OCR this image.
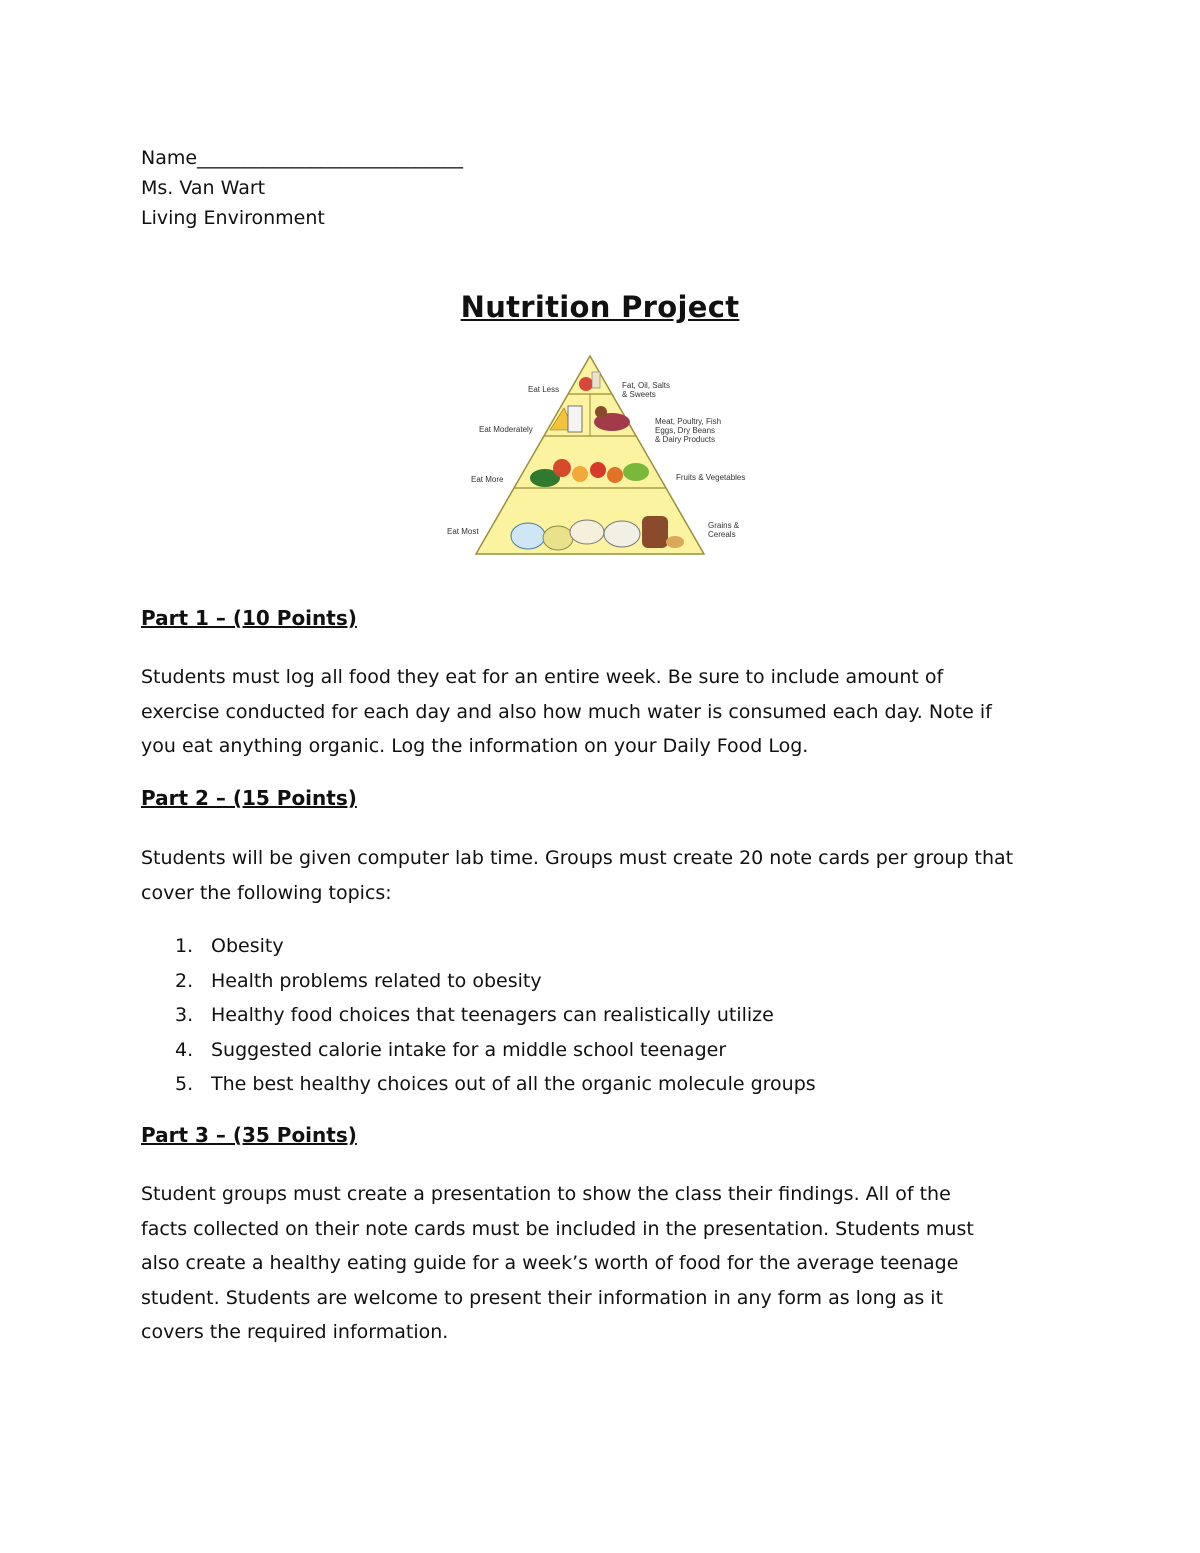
Name____________________________
Ms. Van Wart
Living Environment
Nutrition Project
Eat Less
Eat Moderately
Eat More
Eat Most
Fat, Oil, Salts
& Sweets
Meat, Poultry, Fish
Eggs, Dry Beans
& Dairy Products
Fruits & Vegetables
Grains &
Cereals
Part 1 – (10 Points)
Students must log all food they eat for an entire week. Be sure to include amount of
exercise conducted for each day and also how much water is consumed each day. Note if
you eat anything organic. Log the information on your Daily Food Log.
Part 2 – (15 Points)
Students will be given computer lab time. Groups must create 20 note cards per group that
cover the following topics:
1. Obesity
2. Health problems related to obesity
3. Healthy food choices that teenagers can realistically utilize
4. Suggested calorie intake for a middle school teenager
5. The best healthy choices out of all the organic molecule groups
Part 3 – (35 Points)
Student groups must create a presentation to show the class their findings. All of the
facts collected on their note cards must be included in the presentation. Students must
also create a healthy eating guide for a week’s worth of food for the average teenage
student. Students are welcome to present their information in any form as long as it
covers the required information.
